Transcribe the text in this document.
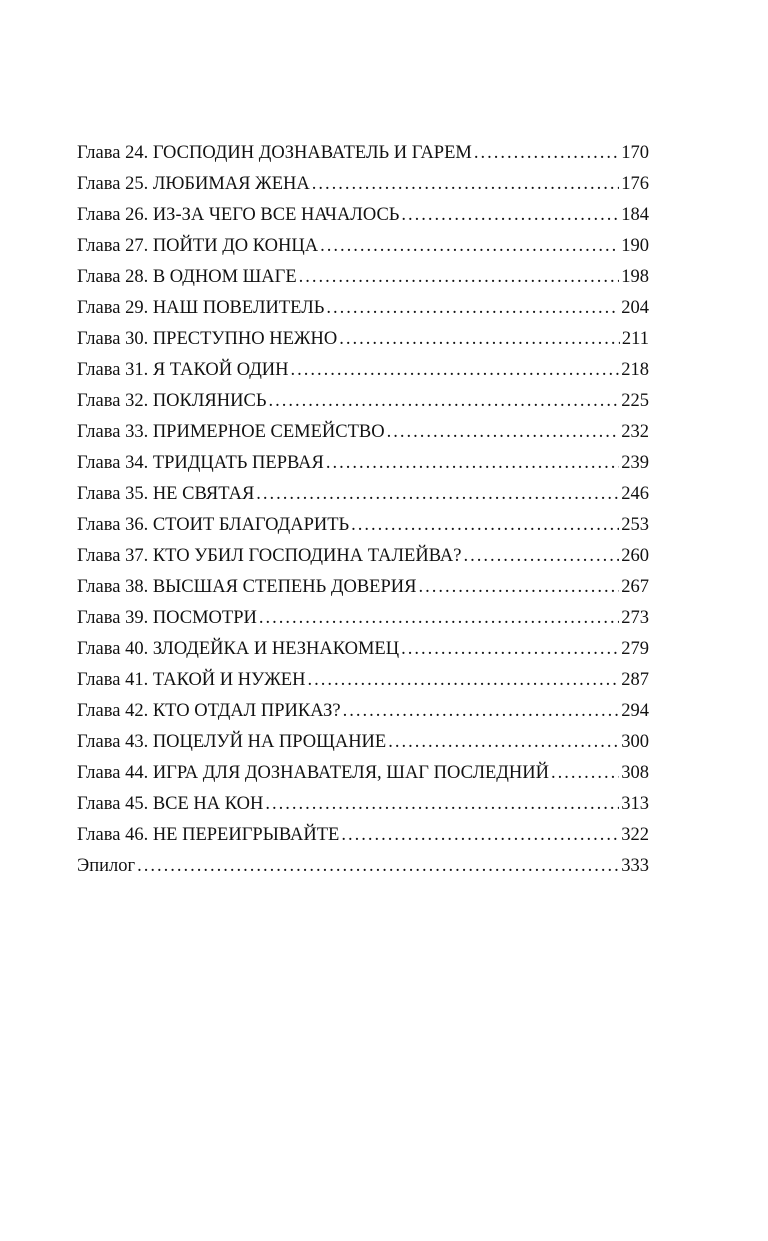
Глава 24. ГОСПОДИН ДОЗНАВАТЕЛЬ И ГАРЕМ .....	170
Глава 25. ЛЮБИМАЯ ЖЕНА .....	176
Глава 26. ИЗ-ЗА ЧЕГО ВСЕ НАЧАЛОСЬ .....	184
Глава 27. ПОЙТИ ДО КОНЦА .....	190
Глава 28. В ОДНОМ ШАГЕ .....	198
Глава 29. НАШ ПОВЕЛИТЕЛЬ .....	204
Глава 30. ПРЕСТУПНО НЕЖНО .....	211
Глава 31. Я ТАКОЙ ОДИН .....	218
Глава 32. ПОКЛЯНИСЬ .....	225
Глава 33. ПРИМЕРНОЕ СЕМЕЙСТВО .....	232
Глава 34. ТРИДЦАТЬ ПЕРВАЯ .....	239
Глава 35. НЕ СВЯТАЯ .....	246
Глава 36. СТОИТ БЛАГОДАРИТЬ .....	253
Глава 37. КТО УБИЛ ГОСПОДИНА ТАЛЕЙВА? .....	260
Глава 38. ВЫСШАЯ СТЕПЕНЬ ДОВЕРИЯ .....	267
Глава 39. ПОСМОТРИ .....	273
Глава 40. ЗЛОДЕЙКА И НЕЗНАКОМЕЦ .....	279
Глава 41. ТАКОЙ И НУЖЕН .....	287
Глава 42. КТО ОТДАЛ ПРИКАЗ? .....	294
Глава 43. ПОЦЕЛУЙ НА ПРОЩАНИЕ .....	300
Глава 44. ИГРА ДЛЯ ДОЗНАВАТЕЛЯ, ШАГ ПОСЛЕДНИЙ .....	308
Глава 45. ВСЕ НА КОН .....	313
Глава 46. НЕ ПЕРЕИГРЫВАЙТЕ .....	322
Эпилог .....	333
